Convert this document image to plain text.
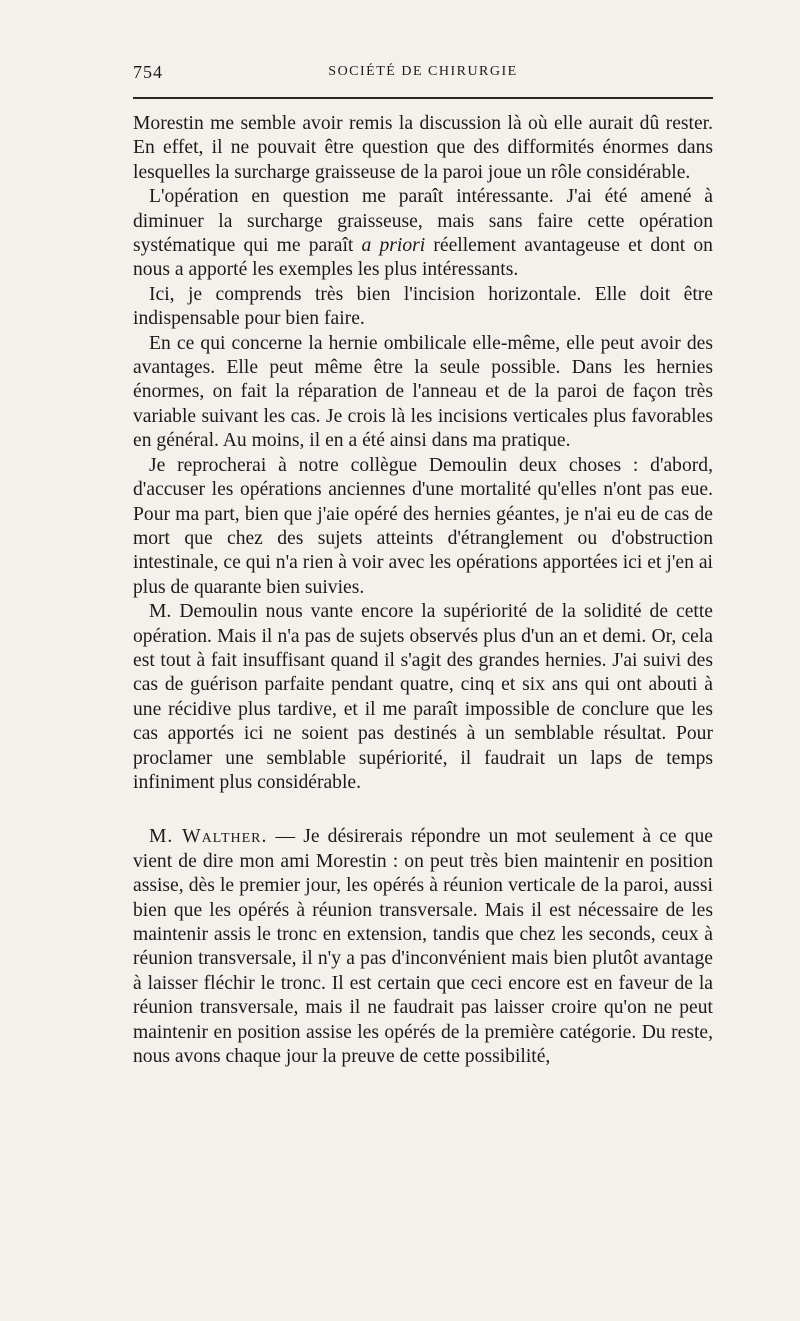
754	SOCIÉTÉ DE CHIRURGIE

Morestin me semble avoir remis la discussion là où elle aurait dû rester. En effet, il ne pouvait être question que des difformités énormes dans lesquelles la surcharge graisseuse de la paroi joue un rôle considérable.

L'opération en question me paraît intéressante. J'ai été amené à diminuer la surcharge graisseuse, mais sans faire cette opération systématique qui me paraît a priori réellement avantageuse et dont on nous a apporté les exemples les plus intéressants.

Ici, je comprends très bien l'incision horizontale. Elle doit être indispensable pour bien faire.

En ce qui concerne la hernie ombilicale elle-même, elle peut avoir des avantages. Elle peut même être la seule possible. Dans les hernies énormes, on fait la réparation de l'anneau et de la paroi de façon très variable suivant les cas. Je crois là les incisions verticales plus favorables en général. Au moins, il en a été ainsi dans ma pratique.

Je reprocherai à notre collègue Demoulin deux choses : d'abord, d'accuser les opérations anciennes d'une mortalité qu'elles n'ont pas eue. Pour ma part, bien que j'aie opéré des hernies géantes, je n'ai eu de cas de mort que chez des sujets atteints d'étranglement ou d'obstruction intestinale, ce qui n'a rien à voir avec les opérations apportées ici et j'en ai plus de quarante bien suivies.

M. Demoulin nous vante encore la supériorité de la solidité de cette opération. Mais il n'a pas de sujets observés plus d'un an et demi. Or, cela est tout à fait insuffisant quand il s'agit des grandes hernies. J'ai suivi des cas de guérison parfaite pendant quatre, cinq et six ans qui ont abouti à une récidive plus tardive, et il me paraît impossible de conclure que les cas apportés ici ne soient pas destinés à un semblable résultat. Pour proclamer une semblable supériorité, il faudrait un laps de temps infiniment plus considérable.

M. Walther. — Je désirerais répondre un mot seulement à ce que vient de dire mon ami Morestin : on peut très bien maintenir en position assise, dès le premier jour, les opérés à réunion verticale de la paroi, aussi bien que les opérés à réunion transversale. Mais il est nécessaire de les maintenir assis le tronc en extension, tandis que chez les seconds, ceux à réunion transversale, il n'y a pas d'inconvénient mais bien plutôt avantage à laisser fléchir le tronc. Il est certain que ceci encore est en faveur de la réunion transversale, mais il ne faudrait pas laisser croire qu'on ne peut maintenir en position assise les opérés de la première catégorie. Du reste, nous avons chaque jour la preuve de cette possibilité,
